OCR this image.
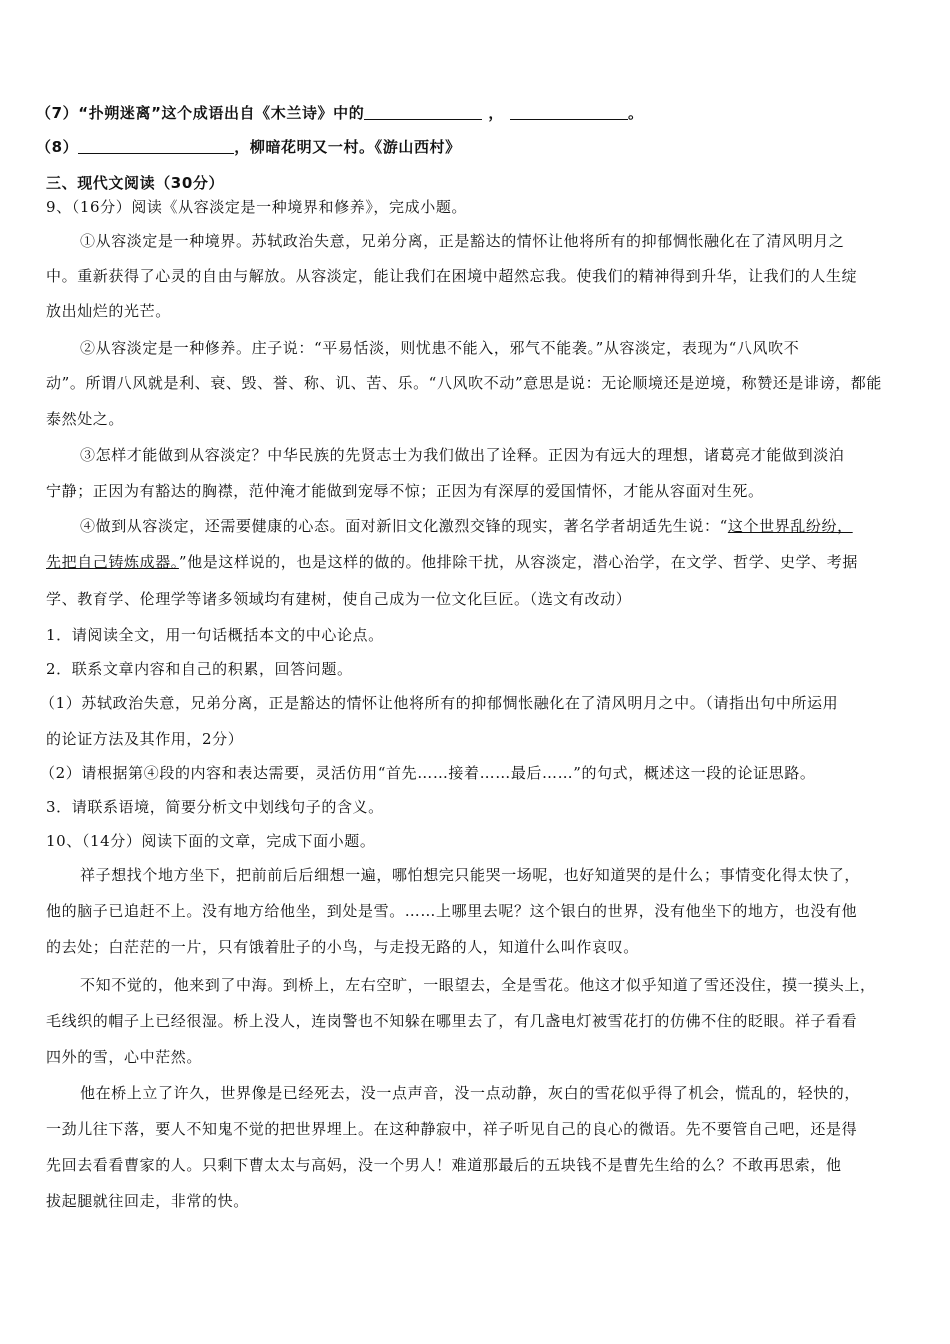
（7）“扑朔迷离”这个成语出自《木兰诗》中的	，	。
（8）	，柳暗花明又一村。《游山西村》
三、现代文阅读（30分）
9、（16分）阅读《从容淡定是一种境界和修养》，完成小题。
①从容淡定是一种境界。苏轼政治失意，兄弟分离，正是豁达的情怀让他将所有的抑郁惆怅融化在了清风明月之
中。重新获得了心灵的自由与解放。从容淡定，能让我们在困境中超然忘我。使我们的精神得到升华，让我们的人生绽
放出灿烂的光芒。
②从容淡定是一种修养。庄子说：“平易恬淡，则忧患不能入，邪气不能袭。”从容淡定，表现为“八风吹不
动”。所谓八风就是利、衰、毁、誉、称、讥、苦、乐。“八风吹不动”意思是说：无论顺境还是逆境，称赞还是诽谤，都能
泰然处之。
③怎样才能做到从容淡定？中华民族的先贤志士为我们做出了诠释。正因为有远大的理想，诸葛亮才能做到淡泊
宁静；正因为有豁达的胸襟，范仲淹才能做到宠辱不惊；正因为有深厚的爱国情怀，才能从容面对生死。
④做到从容淡定，还需要健康的心态。面对新旧文化激烈交锋的现实，著名学者胡适先生说：“这个世界乱纷纷，
先把自己铸炼成器。”他是这样说的，也是这样的做的。他排除干扰，从容淡定，潜心治学，在文学、哲学、史学、考据
学、教育学、伦理学等诸多领域均有建树，使自己成为一位文化巨匠。（选文有改动）
1．请阅读全文，用一句话概括本文的中心论点。
2．联系文章内容和自己的积累，回答问题。
（1）苏轼政治失意，兄弟分离，正是豁达的情怀让他将所有的抑郁惆怅融化在了清风明月之中。（请指出句中所运用
的论证方法及其作用，2分）
（2）请根据第④段的内容和表达需要，灵活仿用“首先……接着……最后……”的句式，概述这一段的论证思路。
3．请联系语境，简要分析文中划线句子的含义。
10、（14分）阅读下面的文章，完成下面小题。
祥子想找个地方坐下，把前前后后细想一遍，哪怕想完只能哭一场呢，也好知道哭的是什么；事情变化得太快了，
他的脑子已追赶不上。没有地方给他坐，到处是雪。……上哪里去呢？这个银白的世界，没有他坐下的地方，也没有他
的去处；白茫茫的一片，只有饿着肚子的小鸟，与走投无路的人，知道什么叫作哀叹。
不知不觉的，他来到了中海。到桥上，左右空旷，一眼望去，全是雪花。他这才似乎知道了雪还没住，摸一摸头上，
毛线织的帽子上已经很湿。桥上没人，连岗警也不知躲在哪里去了，有几盏电灯被雪花打的仿佛不住的眨眼。祥子看看
四外的雪，心中茫然。
他在桥上立了许久，世界像是已经死去，没一点声音，没一点动静，灰白的雪花似乎得了机会，慌乱的，轻快的，
一劲儿往下落，要人不知鬼不觉的把世界埋上。在这种静寂中，祥子听见自己的良心的微语。先不要管自己吧，还是得
先回去看看曹家的人。只剩下曹太太与高妈，没一个男人！难道那最后的五块钱不是曹先生给的么？不敢再思索，他
拔起腿就往回走，非常的快。
